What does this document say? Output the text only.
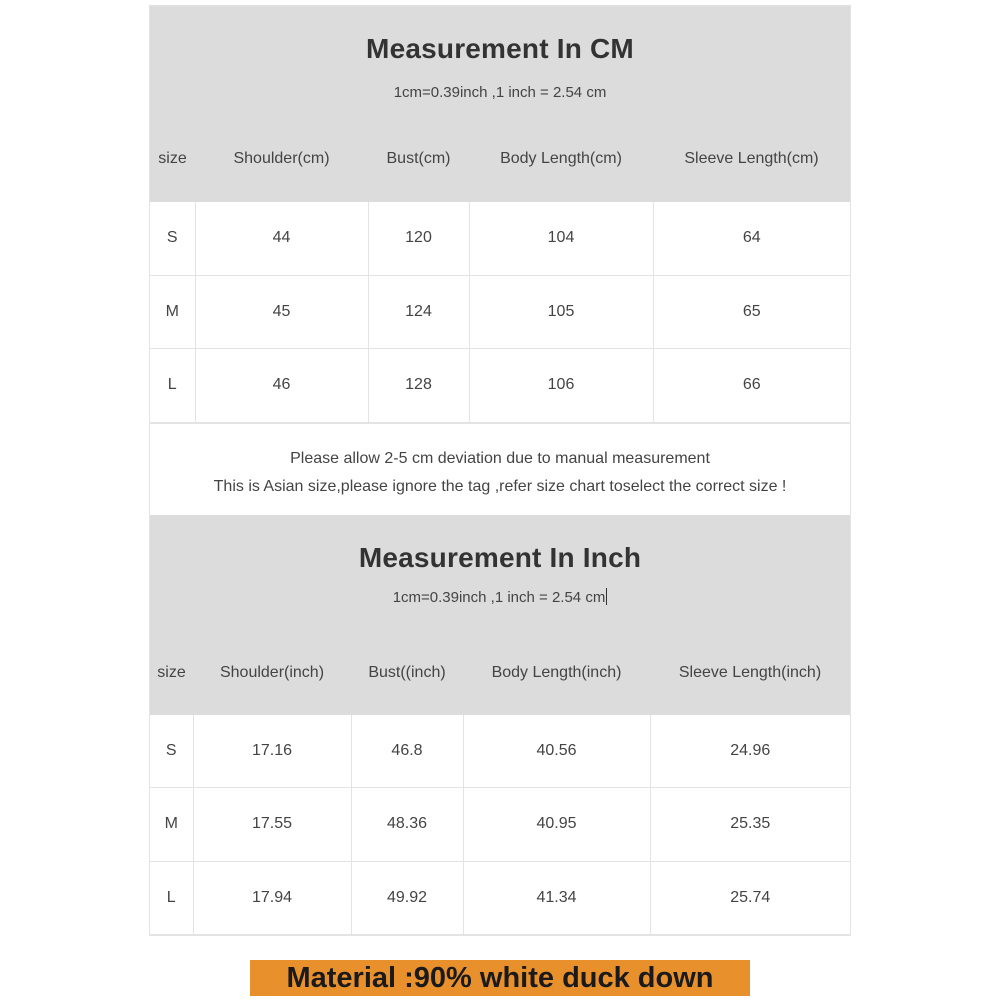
Measurement In CM
1cm=0.39inch ,1 inch = 2.54 cm
size	Shoulder(cm)	Bust(cm)	Body Length(cm)	Sleeve Length(cm)
S	44	120	104	64
M	45	124	105	65
L	46	128	106	66
Please allow 2-5 cm deviation due to manual measurement
This is Asian size,please ignore the tag ,refer size chart toselect the correct size !
Measurement In Inch
1cm=0.39inch ,1 inch = 2.54 cm
size	Shoulder(inch)	Bust((inch)	Body Length(inch)	Sleeve Length(inch)
S	17.16	46.8	40.56	24.96
M	17.55	48.36	40.95	25.35
L	17.94	49.92	41.34	25.74
Material :90% white duck down
